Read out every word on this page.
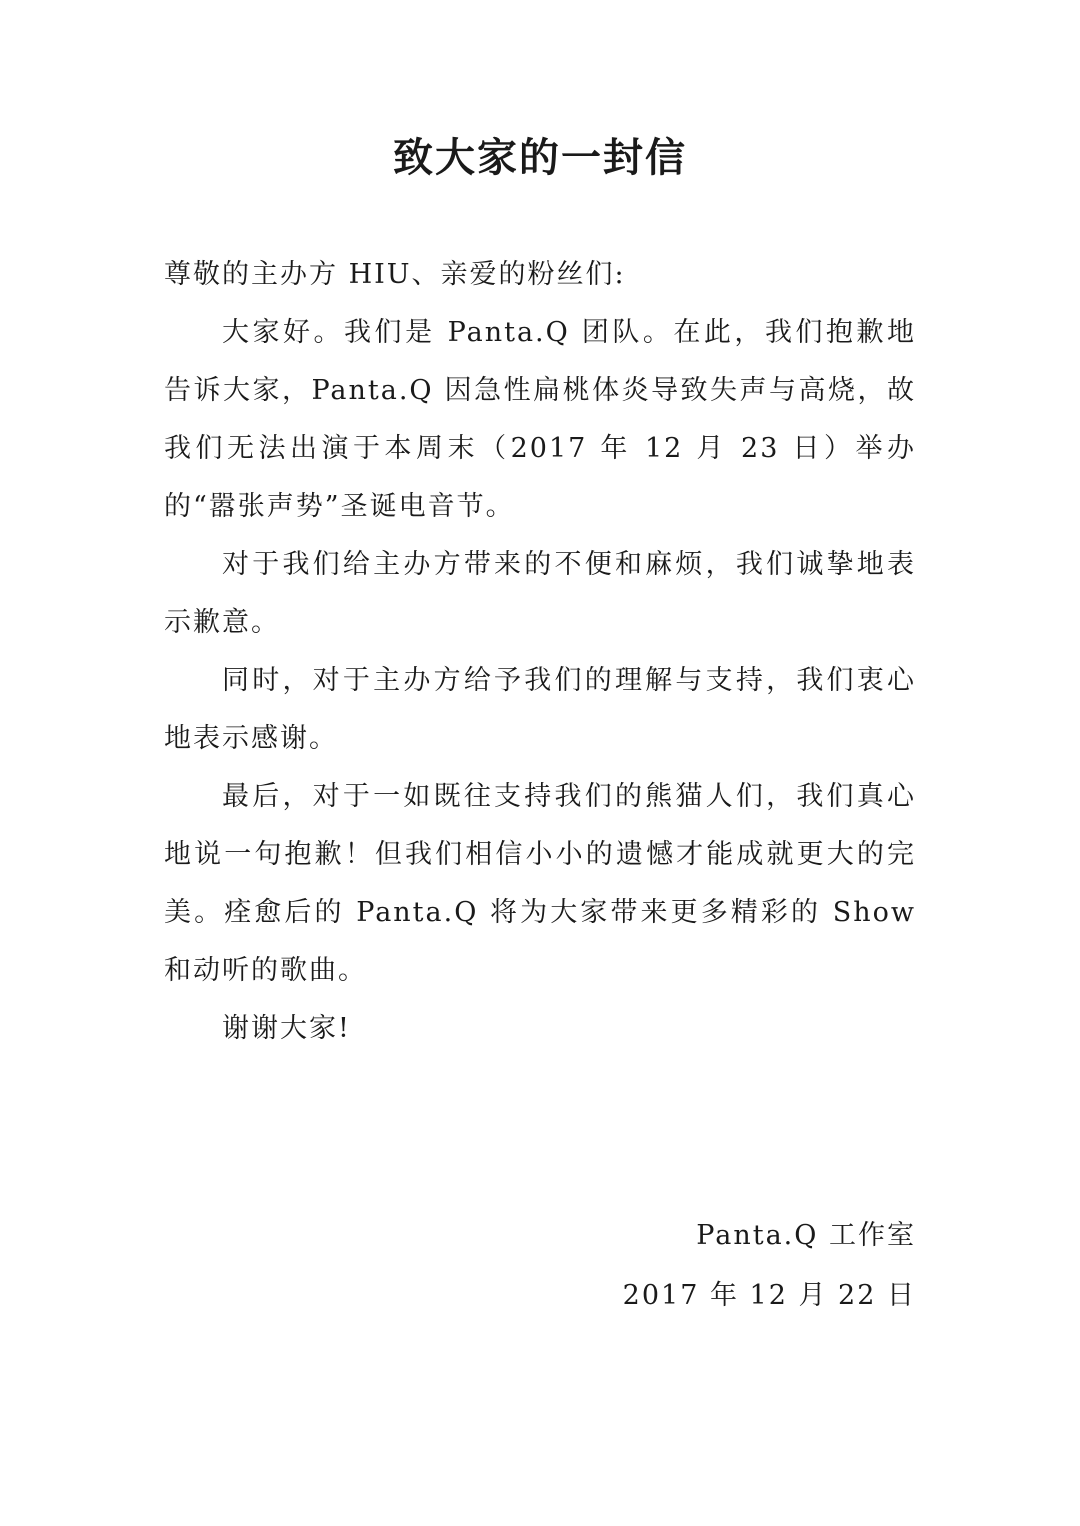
致大家的一封信

尊敬的主办方 HIU、亲爱的粉丝们:

大家好。我们是 Panta.Q 团队。在此，我们抱歉地告诉大家，Panta.Q 因急性扁桃体炎导致失声与高烧，故我们无法出演于本周末（2017 年 12 月 23 日）举办的“嚣张声势”圣诞电音节。

对于我们给主办方带来的不便和麻烦，我们诚挚地表示歉意。

同时，对于主办方给予我们的理解与支持，我们衷心地表示感谢。

最后，对于一如既往支持我们的熊猫人们，我们真心地说一句抱歉！但我们相信小小的遗憾才能成就更大的完美。痊愈后的 Panta.Q 将为大家带来更多精彩的 Show 和动听的歌曲。

谢谢大家!

Panta.Q 工作室
2017 年 12 月 22 日
